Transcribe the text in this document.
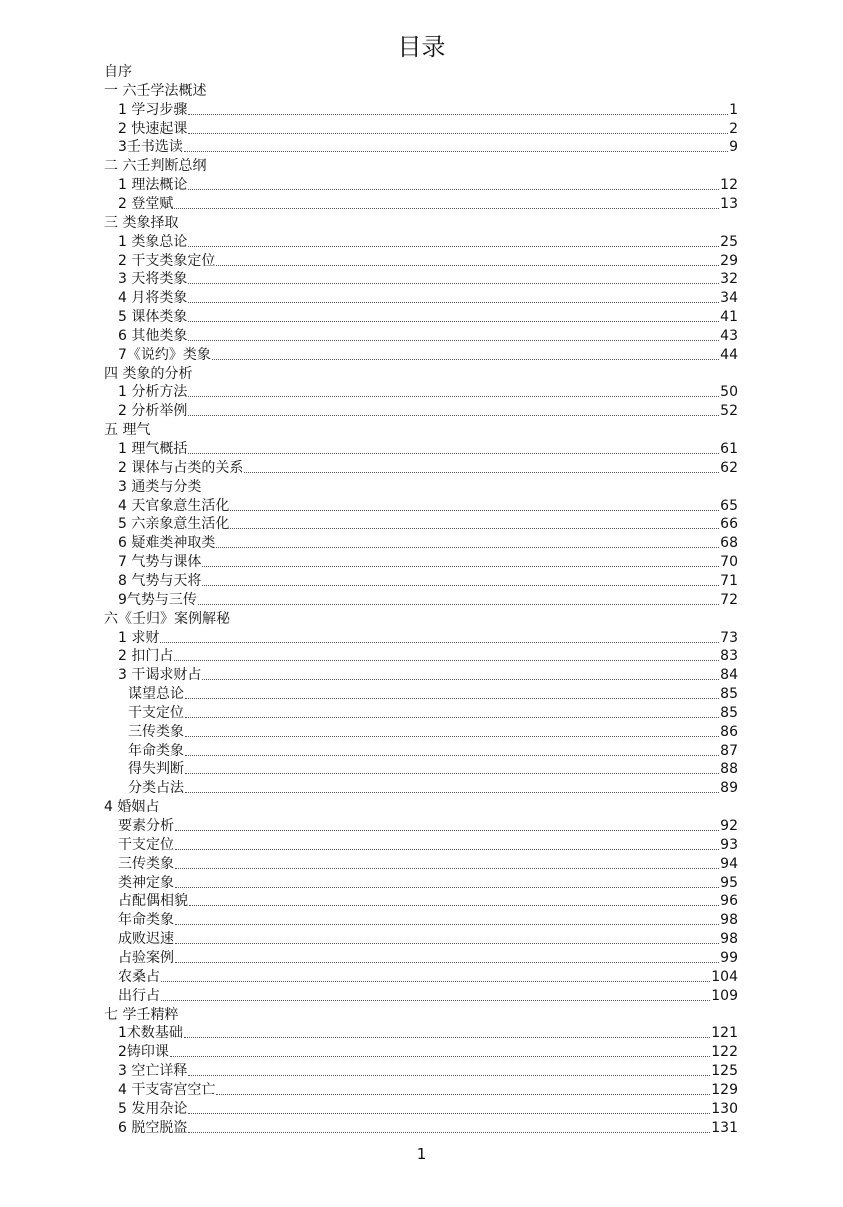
目录
自序
一 六壬学法概述
1 学习步骤	1
2 快速起课	2
3壬书选读	9
二 六壬判断总纲
1 理法概论	12
2 登堂赋	13
三 类象择取
1 类象总论	25
2 干支类象定位	29
3 天将类象	32
4 月将类象	34
5 课体类象	41
6 其他类象	43
7《说约》类象	44
四 类象的分析
1 分析方法	50
2 分析举例	52
五 理气
1 理气概括	61
2 课体与占类的关系	62
3 通类与分类
4 天官象意生活化	65
5 六亲象意生活化	66
6 疑难类神取类	68
7 气势与课体	70
8 气势与天将	71
9气势与三传	72
六《壬归》案例解秘
1 求财	73
2 扣门占	83
3 干谒求财占	84
谋望总论	85
干支定位	85
三传类象	86
年命类象	87
得失判断	88
分类占法	89
4 婚姻占
要素分析	92
干支定位	93
三传类象	94
类神定象	95
占配偶相貌	96
年命类象	98
成败迟速	98
占验案例	99
农桑占	104
出行占	109
七 学壬精粹
1术数基础	121
2铸印课	122
3 空亡详释	125
4 干支寄宫空亡	129
5 发用杂论	130
6 脱空脱盗	131
1
